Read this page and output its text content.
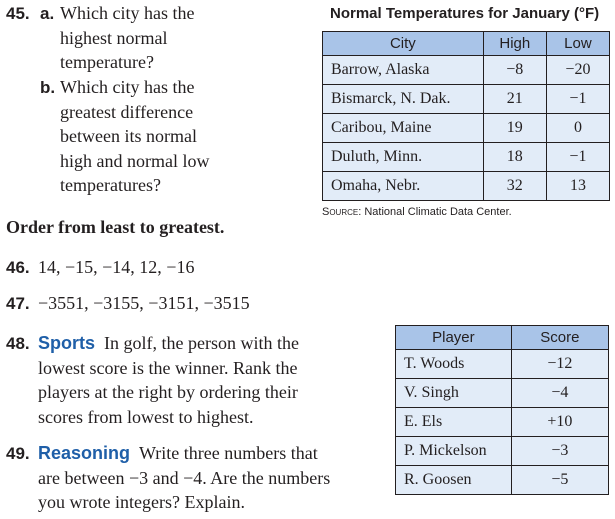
45. a. Which city has the
highest normal
temperature?
b. Which city has the
greatest difference
between its normal
high and normal low
temperatures?
Normal Temperatures for January (°F)
City	High	Low
Barrow, Alaska	−8	−20
Bismarck, N. Dak.	21	−1
Caribou, Maine	19	0
Duluth, Minn.	18	−1
Omaha, Nebr.	32	13
Source: National Climatic Data Center.
Order from least to greatest.
46. 14, −15, −14, 12, −16
47. −3551, −3155, −3151, −3515
48. Sports In golf, the person with the
lowest score is the winner. Rank the
players at the right by ordering their
scores from lowest to highest.
49. Reasoning Write three numbers that
are between −3 and −4. Are the numbers
you wrote integers? Explain.
Player	Score
T. Woods	−12
V. Singh	−4
E. Els	+10
P. Mickelson	−3
R. Goosen	−5
